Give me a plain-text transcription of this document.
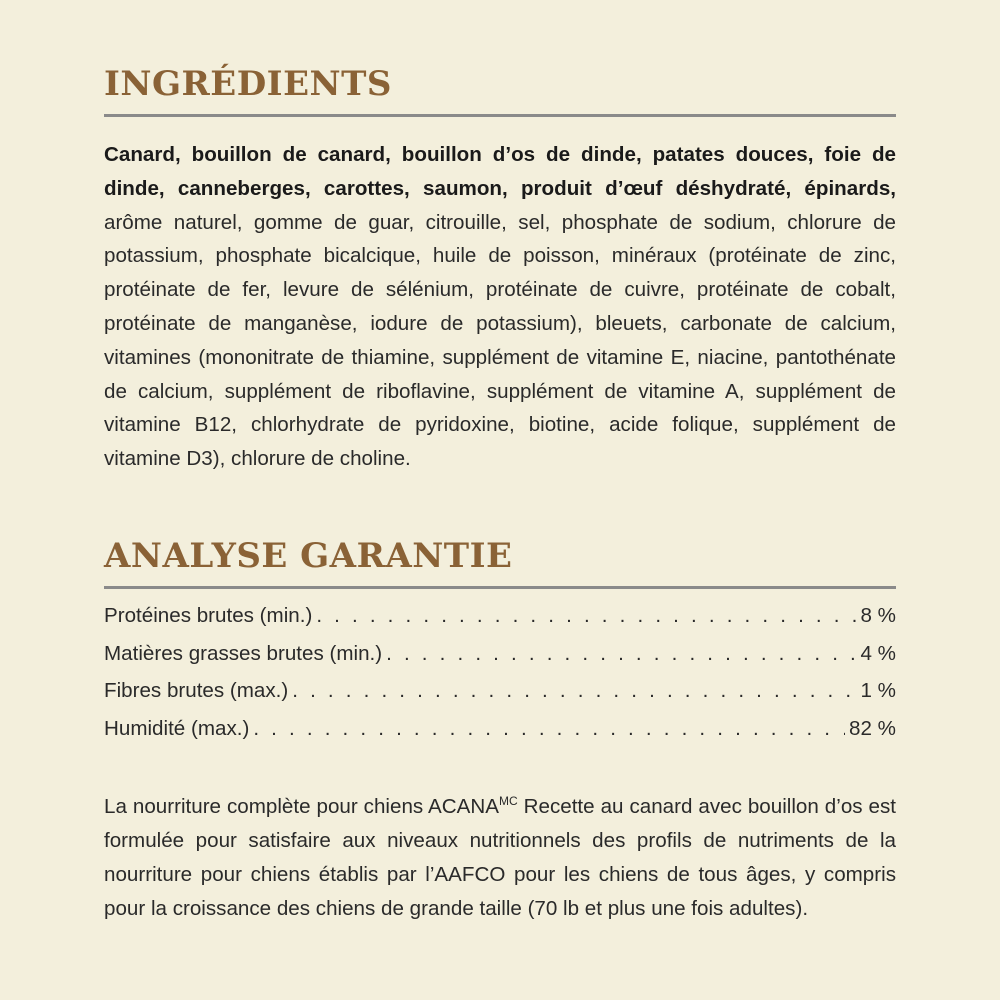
INGRÉDIENTS

Canard, bouillon de canard, bouillon d’os de dinde, patates douces, foie de dinde, canneberges, carottes, saumon, produit d’œuf déshydraté, épinards, arôme naturel, gomme de guar, citrouille, sel, phosphate de sodium, chlorure de potassium, phosphate bicalcique, huile de poisson, minéraux (protéinate de zinc, protéinate de fer, levure de sélénium, protéinate de cuivre, protéinate de cobalt, protéinate de manganèse, iodure de potassium), bleuets, carbonate de calcium, vitamines (mononitrate de thiamine, supplément de vitamine E, niacine, pantothénate de calcium, supplément de riboflavine, supplément de vitamine A, supplément de vitamine B12, chlorhydrate de pyridoxine, biotine, acide folique, supplément de vitamine D3), chlorure de choline.

ANALYSE GARANTIE
Protéines brutes (min.) . . .	8 %
Matières grasses brutes (min.) . . .	4 %
Fibres brutes (max.) . . .	1 %
Humidité (max.) . . .	82 %

La nourriture complète pour chiens $ACANA^{MC}$ Recette au canard avec bouillon d’os est formulée pour satisfaire aux niveaux nutritionnels des profils de nutriments de la nourriture pour chiens établis par l’AAFCO pour les chiens de tous âges, y compris pour la croissance des chiens de grande taille (70 lb et plus une fois adultes).
